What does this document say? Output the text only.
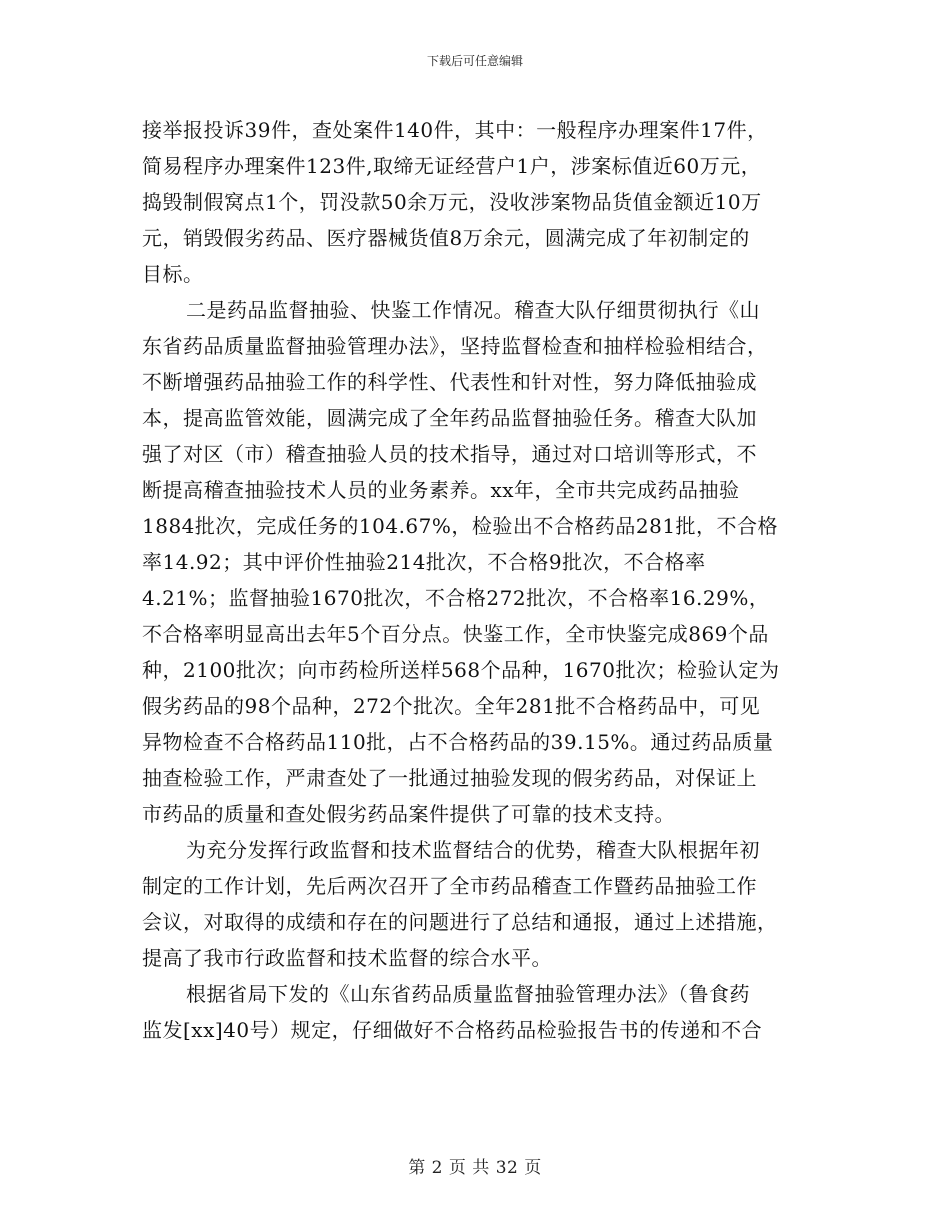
下载后可任意编辑
接举报投诉39件，查处案件140件，其中：一般程序办理案件17件，
简易程序办理案件123件,取缔无证经营户1户，涉案标值近60万元，
捣毁制假窝点1个，罚没款50余万元，没收涉案物品货值金额近10万
元，销毁假劣药品、医疗器械货值8万余元，圆满完成了年初制定的
目标。
二是药品监督抽验、快鉴工作情况。稽查大队仔细贯彻执行《山
东省药品质量监督抽验管理办法》，坚持监督检查和抽样检验相结合，
不断增强药品抽验工作的科学性、代表性和针对性，努力降低抽验成
本，提高监管效能，圆满完成了全年药品监督抽验任务。稽查大队加
强了对区（市）稽查抽验人员的技术指导，通过对口培训等形式，不
断提高稽查抽验技术人员的业务素养。xx年，全市共完成药品抽验
1884批次，完成任务的104.67%，检验出不合格药品281批，不合格
率14.92；其中评价性抽验214批次，不合格9批次，不合格率
4.21%；监督抽验1670批次，不合格272批次，不合格率16.29%，
不合格率明显高出去年5个百分点。快鉴工作，全市快鉴完成869个品
种，2100批次；向市药检所送样568个品种，1670批次；检验认定为
假劣药品的98个品种，272个批次。全年281批不合格药品中，可见
异物检查不合格药品110批，占不合格药品的39.15%。通过药品质量
抽查检验工作，严肃查处了一批通过抽验发现的假劣药品，对保证上
市药品的质量和查处假劣药品案件提供了可靠的技术支持。
为充分发挥行政监督和技术监督结合的优势，稽查大队根据年初
制定的工作计划，先后两次召开了全市药品稽查工作暨药品抽验工作
会议，对取得的成绩和存在的问题进行了总结和通报，通过上述措施，
提高了我市行政监督和技术监督的综合水平。
根据省局下发的《山东省药品质量监督抽验管理办法》（鲁食药
监发[xx]40号）规定，仔细做好不合格药品检验报告书的传递和不合
第 2 页 共 32 页
